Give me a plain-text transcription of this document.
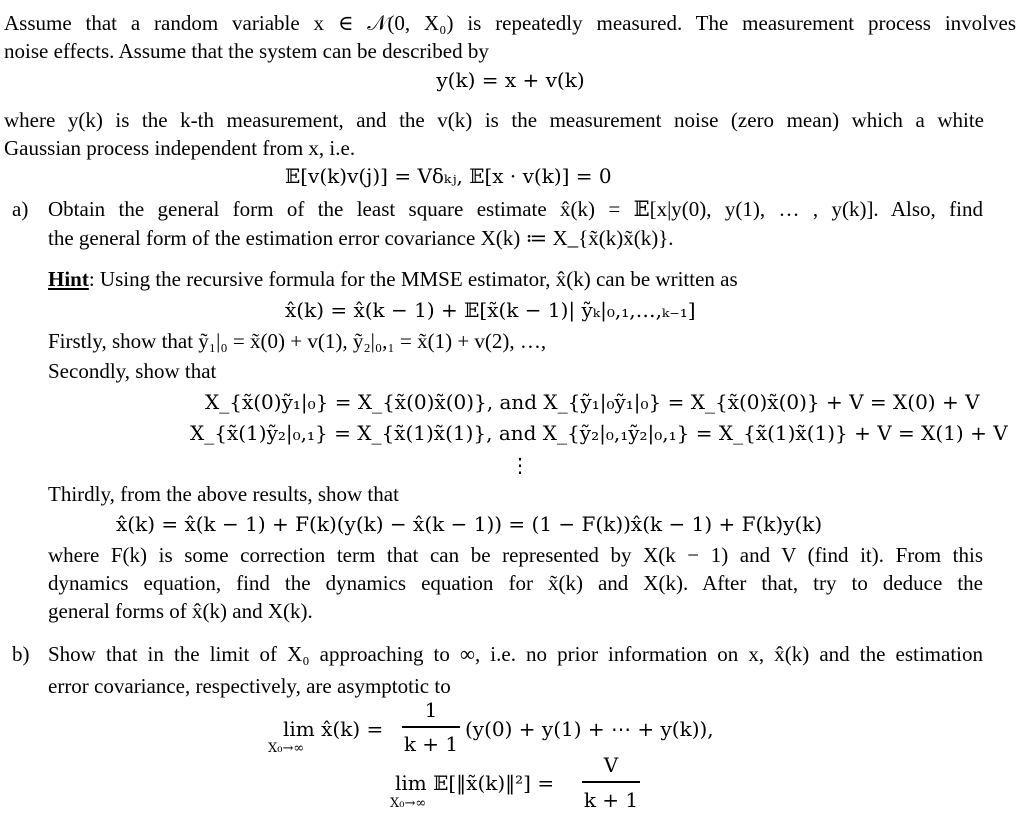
Assume that a random variable x ∈ 𝒩(0, X₀) is repeatedly measured. The measurement process involves
noise effects. Assume that the system can be described by
y(k) = x + v(k)
where y(k) is the k-th measurement, and the v(k) is the measurement noise (zero mean) which a white
Gaussian process independent from x, i.e.
𝔼[v(k)v(j)] = Vδₖⱼ, 𝔼[x · v(k)] = 0
a) Obtain the general form of the least square estimate x̂(k) = 𝔼[x|y(0), y(1), … , y(k)]. Also, find
the general form of the estimation error covariance X(k) ≔ X_{x̃(k)x̃(k)}.
Hint: Using the recursive formula for the MMSE estimator, x̂(k) can be written as
x̂(k) = x̂(k − 1) + 𝔼[x̃(k − 1)| ỹₖ|₀,₁,…,ₖ₋₁]
Firstly, show that ỹ₁|₀ = x̃(0) + v(1), ỹ₂|₀,₁ = x̃(1) + v(2), …,
Secondly, show that
X_{x̃(0)ỹ₁|₀} = X_{x̃(0)x̃(0)}, and X_{ỹ₁|₀ỹ₁|₀} = X_{x̃(0)x̃(0)} + V = X(0) + V
X_{x̃(1)ỹ₂|₀,₁} = X_{x̃(1)x̃(1)}, and X_{ỹ₂|₀,₁ỹ₂|₀,₁} = X_{x̃(1)x̃(1)} + V = X(1) + V
⋮
Thirdly, from the above results, show that
x̂(k) = x̂(k − 1) + F(k)(y(k) − x̂(k − 1)) = (1 − F(k))x̂(k − 1) + F(k)y(k)
where F(k) is some correction term that can be represented by X(k − 1) and V (find it). From this
dynamics equation, find the dynamics equation for x̃(k) and X(k). After that, try to deduce the
general forms of x̂(k) and X(k).
b) Show that in the limit of X₀ approaching to ∞, i.e. no prior information on x, x̂(k) and the estimation
error covariance, respectively, are asymptotic to
lim x̂(k) =
X₀→∞
1
k + 1
(y(0) + y(1) + ⋯ + y(k)),
lim 𝔼[‖x̃(k)‖²] =
X₀→∞
V
k + 1
